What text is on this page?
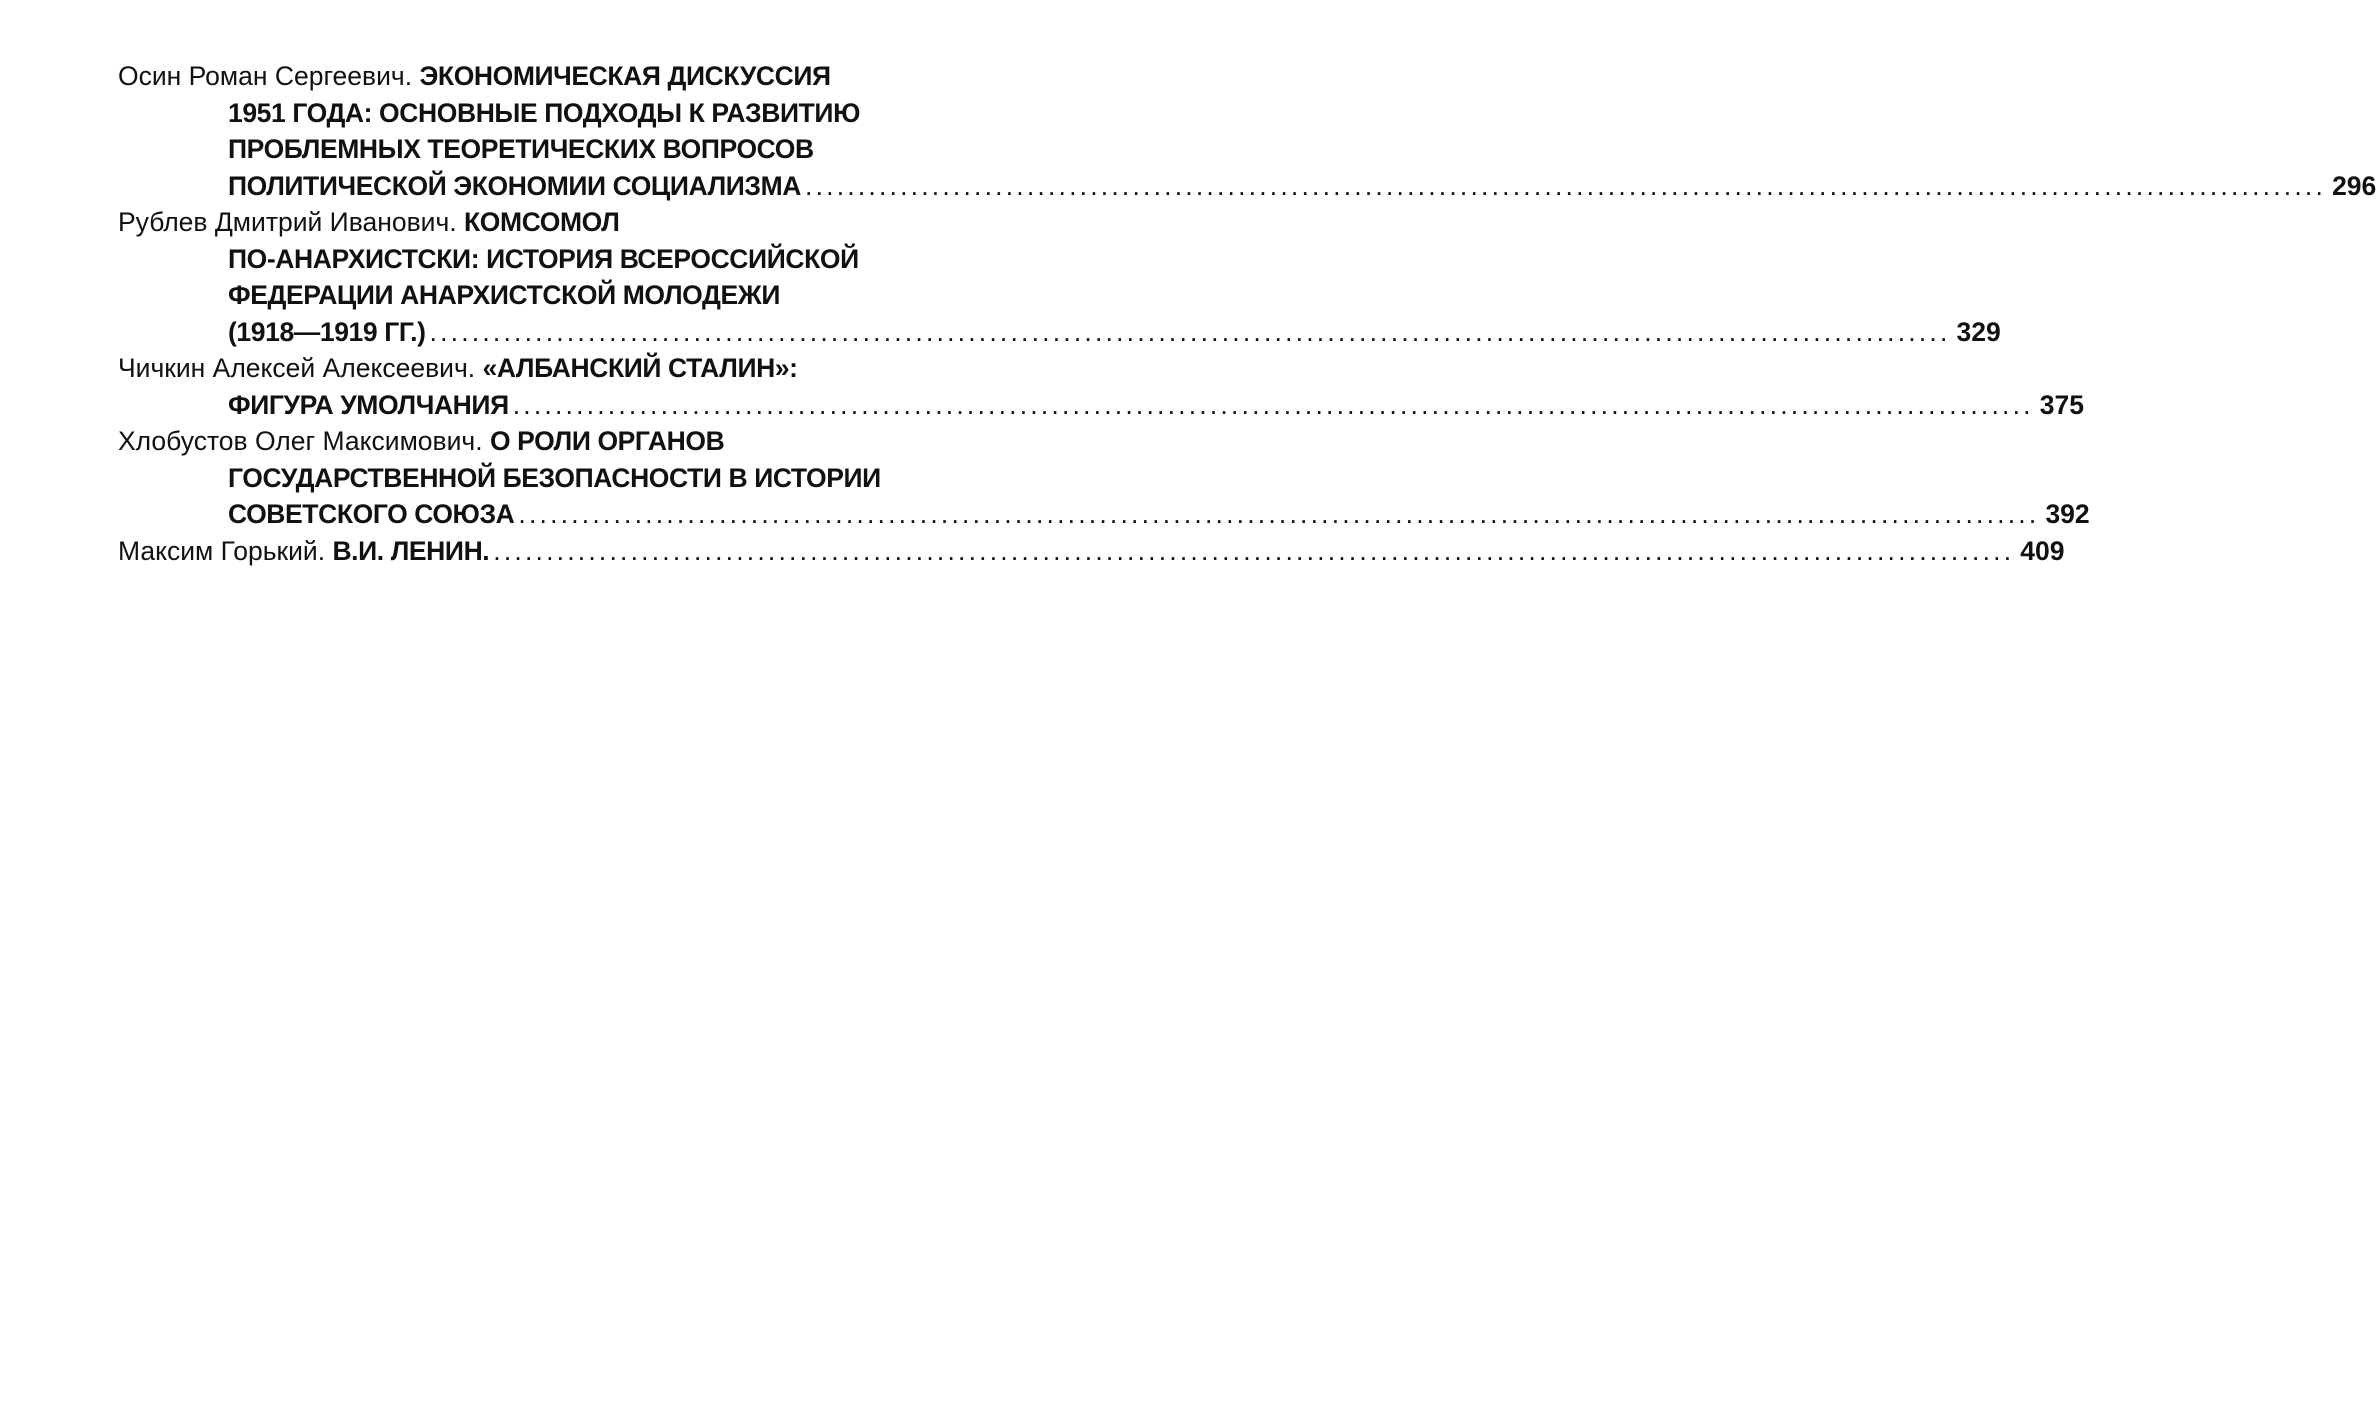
Осин Роман Сергеевич. ЭКОНОМИЧЕСКАЯ ДИСКУССИЯ
1951 ГОДА: ОСНОВНЫЕ ПОДХОДЫ К РАЗВИТИЮ
ПРОБЛЕМНЫХ ТЕОРЕТИЧЕСКИХ ВОПРОСОВ
ПОЛИТИЧЕСКОЙ ЭКОНОМИИ СОЦИАЛИЗМА ................................................................................................................................................ 296
Рублев Дмитрий Иванович. КОМСОМОЛ
ПО-АНАРХИСТСКИ: ИСТОРИЯ ВСЕРОССИЙСКОЙ
ФЕДЕРАЦИИ АНАРХИСТСКОЙ МОЛОДЕЖИ
(1918—1919 ГГ.) ................................................................................................................................................ 329
Чичкин Алексей Алексеевич. «АЛБАНСКИЙ СТАЛИН»:
ФИГУРА УМОЛЧАНИЯ ................................................................................................................................................ 375
Хлобустов Олег Максимович. О РОЛИ ОРГАНОВ
ГОСУДАРСТВЕННОЙ БЕЗОПАСНОСТИ В ИСТОРИИ
СОВЕТСКОГО СОЮЗА ................................................................................................................................................ 392
Максим Горький. В.И. ЛЕНИН. ................................................................................................................................................ 409
